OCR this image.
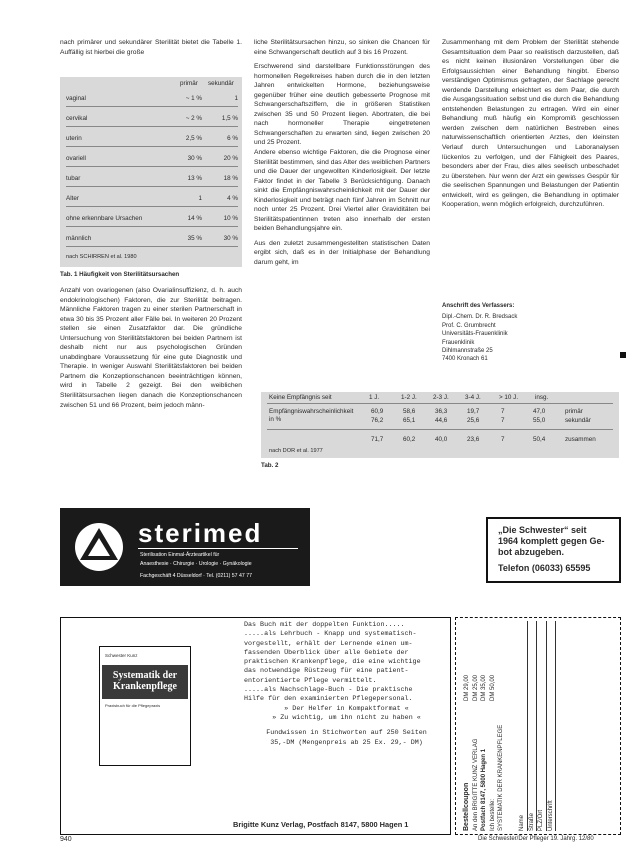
nach primärer und sekundärer Sterilität bietet die Tabelle 1. Auffällig ist hierbei die große
primär sekundär
vaginal	~ 1 %	1
cervikal	~ 2 %	1,5 %
uterin	2,5 %	6 %
ovariell	30 %	20 %
tubar	13 %	18 %
Alter	1	4 %
ohne erkennbare Ursachen	14 %	10 %
männlich	35 %	30 %
nach SCHIRREN et al. 1980
Tab. 1 Häufigkeit von Sterilitätsursachen
Anzahl von ovariogenen (also Ovarialinsuffizienz, d. h. auch endokrinologischen) Faktoren, die zur Sterilität beitragen. Männliche Faktoren tragen zu einer sterilen Partnerschaft in etwa 30 bis 35 Prozent aller Fälle bei. In weiteren 20 Prozent stellen sie einen Zusatzfaktor dar. Die gründliche Untersuchung von Sterilitätsfaktoren bei beiden Partnern ist deshalb nicht nur aus psychologischen Gründen unabdingbare Voraussetzung für eine gute Diagnostik und Therapie. In weniger Auswahl Sterilitätsfaktoren bei beiden Partnern die Konzeptionschancen beeinträchtigen können, wird in Tabelle 2 gezeigt. Bei den weiblichen Sterilitätsursachen liegen danach die Konzeptionschancen zwischen 51 und 66 Prozent, beim jedoch männ-

liche Sterilitätsursachen hinzu, so sinken die Chancen für eine Schwangerschaft deutlich auf 3 bis 16 Prozent.

Erschwerend sind darstellbare Funktionsstörungen des hormonellen Regelkreises haben durch die in den letzten Jahren entwickelten Hormone, beziehungsweise gegenüber früher eine deutlich gebesserte Prognose mit Schwangerschaftsziffern, die in größeren Statistiken zwischen 35 und 50 Prozent liegen. Abortraten, die bei nach hormoneller Therapie eingetretenen Schwangerschaften zu erwarten sind, liegen zwischen 20 und 25 Prozent.

Andere ebenso wichtige Faktoren, die die Prognose einer Sterilität bestimmen, sind das Alter des weiblichen Partners und die Dauer der ungewollten Kinderlosigkeit. Der letzte Faktor findet in der Tabelle 3 Berücksichtigung. Danach sinkt die Empfängniswahrscheinlichkeit mit der Dauer der Kinderlosigkeit und beträgt nach fünf Jahren im Schnitt nur noch unter 25 Prozent. Drei Viertel aller Graviditäten bei Sterilitätspatientinnen treten also innerhalb der ersten beiden Behandlungsjahre ein.

Aus den zuletzt zusammengestellten statistischen Daten ergibt sich, daß es in der Initialphase der Behandlung darum geht, im

Zusammenhang mit dem Problem der Sterilität stehende Gesamtsituation dem Paar so realistisch darzustellen, daß es nicht keinen illusionären Vorstellungen über die Erfolgsaussichten einer Behandlung hingibt. Ebenso verständigen Optimismus gefragten, der Sachlage gerecht werdende Darstellung erleichtert es dem Paar, die durch die Ausgangssituation selbst und die durch die Behandlung entstehenden Belastungen zu ertragen. Wird ein einer Behandlung muß häufig ein Kompromiß geschlossen werden zwischen dem natürlichen Bestreben eines naturwissenschaftlich orientierten Arztes, den kleinsten Verlauf durch Untersuchungen und Laboranalysen lückenlos zu verfolgen, und der Fähigkeit des Paares, besonders aber der Frau, dies alles seelisch unbeschadet zu überstehen. Nur wenn der Arzt ein gewisses Gespür für die seelischen Spannungen und Belastungen der Patientin entwickelt, wird es gelingen, die Behandlung in optimaler Kooperation, wenn möglich erfolgreich, durchzuführen.

Anschrift des Verfassers:
Dipl.-Chem. Dr. R. Bredsack
Prof. C. Grumbrecht
Universitäts-Frauenklinik
Frauenklinik
Dihlmannstraße 25
7400 Kronach 61
Keine Empfängnis seit	1 J.	1-2 J.	2-3 J.	3-4 J.	> 10 J.	insg.
Empfängniswahrscheinlichkeit in %
60,9	58,6	36,3	19,7	7	47,0	primär
76,2	65,1	44,6	25,6	7	55,0	sekundär
71,7	60,2	40,0	23,6	7	50,4	zusammen
nach DOR et al. 1977
Tab. 2
sterimed
Sterilisation Einmal-Ärzteartikel für
Anaesthesie · Chirurgie · Urologie · Gynäkologie
Fachgeschäft 4 Düsseldorf · Tel. (0211) 57 47 77
„Die Schwester“ seit
1964 komplett gegen Ge-
bot abzugeben.
Telefon (06033) 65595
Schwester Kunz
Systematik der
Krankenpflege
Praxisbuch für die Pflegepraxis
Das Buch mit der doppelten Funktion.....
.....als Lehrbuch - Knapp und systematisch-
vorgestellt, erhält der Lernende einen um-
fassenden Überblick über alle Gebiete der
praktischen Krankenpflege, die eine wichtige
das notwendige Rüstzeug für eine patient-
entorientierte Pflege vermittelt.
.....als Nachschlage-Buch - Die praktische
Hilfe für den examinierten Pflegepersonal.
» Der Helfer in Kompaktformat «
» Zu wichtig, um ihn nicht zu haben «
Fundwissen in Stichworten auf 250 Seiten
35,-DM (Mengenpreis ab 25 Ex. 29,- DM)
Brigitte Kunz Verlag, Postfach 8147, 5800 Hagen 1	Bestellcoupon An den BRIGITTE KUNZ VERLAG Postfach 8147, 5800 Hagen 1 Ich bestelle: SYSTEMATIK DER KRANKENPFLEGE
DM 29,00 DM 25,00 DM 35,00 DM 50,00
Name Straße PLZ/Ort Unterschrift
940	Die Schwester/Der Pfleger 19. Jahrg. 12/80
